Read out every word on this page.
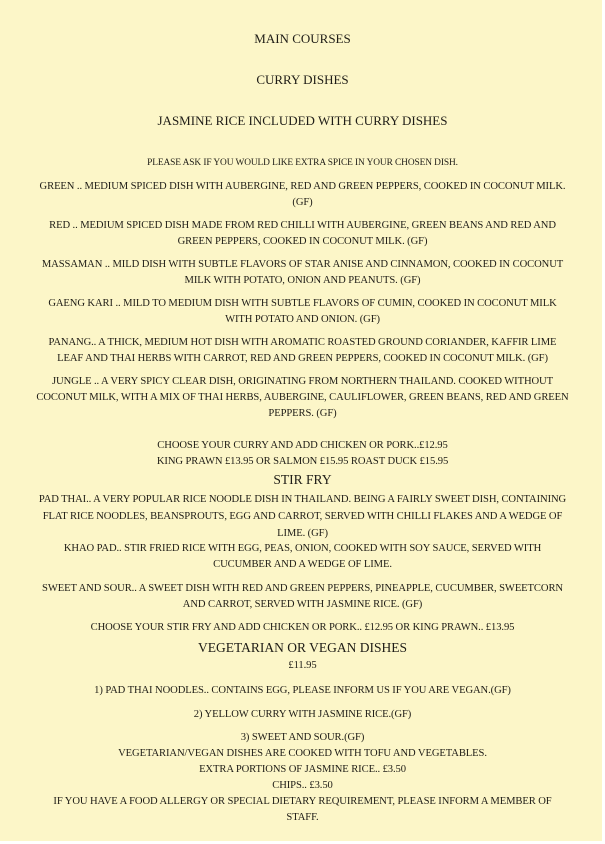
MAIN COURSES
CURRY DISHES
JASMINE RICE INCLUDED WITH CURRY DISHES
PLEASE ASK IF YOU WOULD LIKE EXTRA SPICE IN YOUR CHOSEN DISH.
GREEN .. MEDIUM SPICED DISH WITH AUBERGINE, RED AND GREEN PEPPERS, COOKED IN COCONUT MILK.
(GF)
RED .. MEDIUM SPICED DISH MADE FROM RED CHILLI WITH AUBERGINE, GREEN BEANS AND RED AND
GREEN PEPPERS, COOKED IN COCONUT MILK. (GF)
MASSAMAN .. MILD DISH WITH SUBTLE FLAVORS OF STAR ANISE AND CINNAMON, COOKED IN COCONUT
MILK WITH POTATO, ONION AND PEANUTS. (GF)
GAENG KARI .. MILD TO MEDIUM DISH WITH SUBTLE FLAVORS OF CUMIN, COOKED IN COCONUT MILK
WITH POTATO AND ONION. (GF)
PANANG.. A THICK, MEDIUM HOT DISH WITH AROMATIC ROASTED GROUND CORIANDER, KAFFIR LIME
LEAF AND THAI HERBS WITH CARROT, RED AND GREEN PEPPERS, COOKED IN COCONUT MILK. (GF)
JUNGLE .. A VERY SPICY CLEAR DISH, ORIGINATING FROM NORTHERN THAILAND. COOKED WITHOUT
COCONUT MILK, WITH A MIX OF THAI HERBS, AUBERGINE, CAULIFLOWER, GREEN BEANS, RED AND GREEN
PEPPERS. (GF)
CHOOSE YOUR CURRY AND ADD CHICKEN OR PORK..£12.95
KING PRAWN £13.95 OR SALMON £15.95 ROAST DUCK £15.95
STIR FRY
PAD THAI.. A VERY POPULAR RICE NOODLE DISH IN THAILAND. BEING A FAIRLY SWEET DISH, CONTAINING
FLAT RICE NOODLES, BEANSPROUTS, EGG AND CARROT, SERVED WITH CHILLI FLAKES AND A WEDGE OF
LIME. (GF)
KHAO PAD.. STIR FRIED RICE WITH EGG, PEAS, ONION, COOKED WITH SOY SAUCE, SERVED WITH
CUCUMBER AND A WEDGE OF LIME.
SWEET AND SOUR.. A SWEET DISH WITH RED AND GREEN PEPPERS, PINEAPPLE, CUCUMBER, SWEETCORN
AND CARROT, SERVED WITH JASMINE RICE. (GF)
CHOOSE YOUR STIR FRY AND ADD CHICKEN OR PORK.. £12.95 OR KING PRAWN.. £13.95
VEGETARIAN OR VEGAN DISHES
£11.95
1) PAD THAI NOODLES.. CONTAINS EGG, PLEASE INFORM US IF YOU ARE VEGAN.(GF)
2) YELLOW CURRY WITH JASMINE RICE.(GF)
3) SWEET AND SOUR.(GF)
VEGETARIAN/VEGAN DISHES ARE COOKED WITH TOFU AND VEGETABLES.
EXTRA PORTIONS OF JASMINE RICE.. £3.50
CHIPS.. £3.50
IF YOU HAVE A FOOD ALLERGY OR SPECIAL DIETARY REQUIREMENT, PLEASE INFORM A MEMBER OF
STAFF.
